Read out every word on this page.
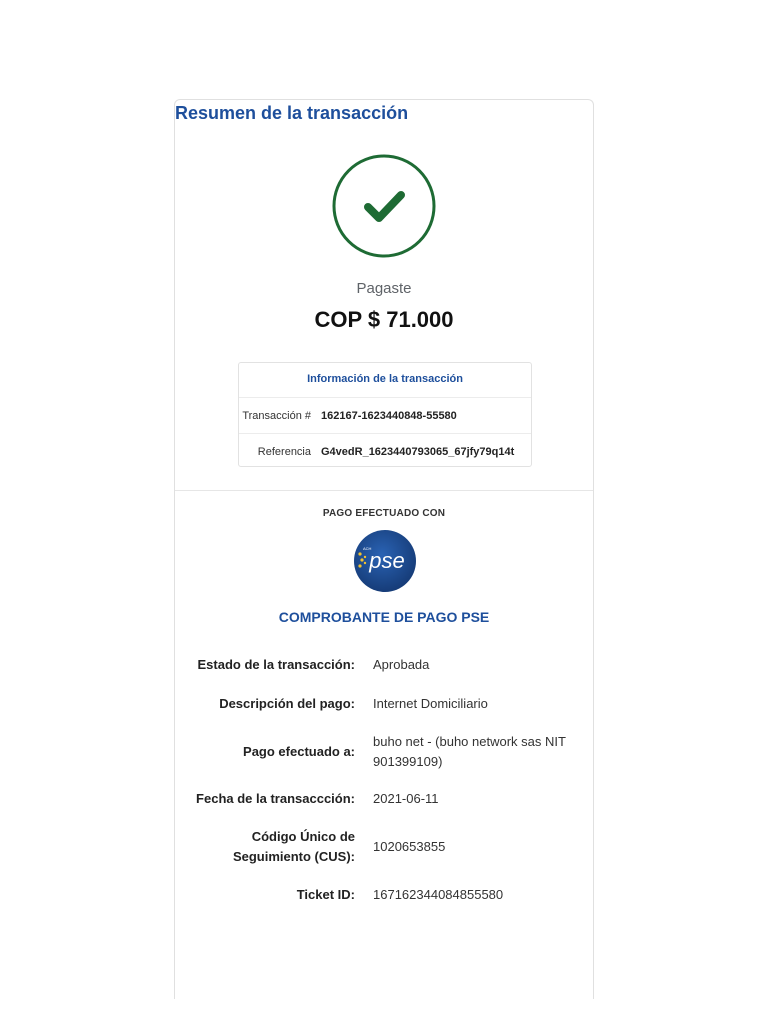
Resumen de la transacción
Pagaste
COP $ 71.000
Información de la transacción
Transacción # 162167-1623440848-55580
Referencia G4vedR_1623440793065_67jfy79q14t
PAGO EFECTUADO CON
ACH
pse
COMPROBANTE DE PAGO PSE
Estado de la transacción: Aprobada
Descripción del pago: Internet Domiciliario
Pago efectuado a:
buho net - (buho network sas NIT 901399109)
Fecha de la transaccción: 2021-06-11
Código Único de Seguimiento (CUS):
1020653855
Ticket ID: 167162344084855580
